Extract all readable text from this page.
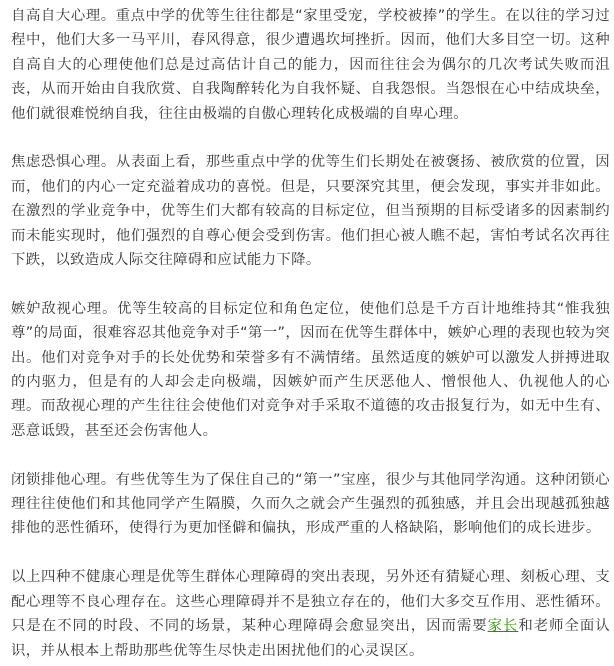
自高自大心理。重点中学的优等生往往都是“家里受宠，学校被捧”的学生。在以往的学习过程中，他们大多一马平川，春风得意，很少遭遇坎坷挫折。因而，他们大多目空一切。这种自高自大的心理使他们总是过高估计自己的能力，因而往往会为偶尔的几次考试失败而沮丧，从而开始由自我欣赏、自我陶醉转化为自我怀疑、自我怨恨。当怨恨在心中结成块垒，他们就很难悦纳自我，往往由极端的自傲心理转化成极端的自卑心理。

焦虑恐惧心理。从表面上看，那些重点中学的优等生们长期处在被褒扬、被欣赏的位置，因而，他们的内心一定充溢着成功的喜悦。但是，只要深究其里，便会发现，事实并非如此。在激烈的学业竞争中，优等生们大都有较高的目标定位，但当预期的目标受诸多的因素制约而未能实现时，他们强烈的自尊心便会受到伤害。他们担心被人瞧不起，害怕考试名次再往下跌，以致造成人际交往障碍和应试能力下降。

嫉妒敌视心理。优等生较高的目标定位和角色定位，使他们总是千方百计地维持其“惟我独尊”的局面，很难容忍其他竞争对手“第一”，因而在优等生群体中，嫉妒心理的表现也较为突出。他们对竞争对手的长处优势和荣誉多有不满情绪。虽然适度的嫉妒可以激发人拼搏进取的内驱力，但是有的人却会走向极端，因嫉妒而产生厌恶他人、憎恨他人、仇视他人的心理。而敌视心理的产生往往会使他们对竞争对手采取不道德的攻击报复行为，如无中生有、恶意诋毁，甚至还会伤害他人。

闭锁排他心理。有些优等生为了保住自己的“第一”宝座，很少与其他同学沟通。这种闭锁心理往往使他们和其他同学产生隔膜，久而久之就会产生强烈的孤独感，并且会出现越孤独越排他的恶性循环，使得行为更加怪僻和偏执，形成严重的人格缺陷，影响他们的成长进步。

以上四种不健康心理是优等生群体心理障碍的突出表现，另外还有猜疑心理、刻板心理、支配心理等不良心理存在。这些心理障碍并不是独立存在的，他们大多交互作用、恶性循环。只是在不同的时段、不同的场景，某种心理障碍会愈显突出，因而需要家长和老师全面认识，并从根本上帮助那些优等生尽快走出困扰他们的心灵误区。
